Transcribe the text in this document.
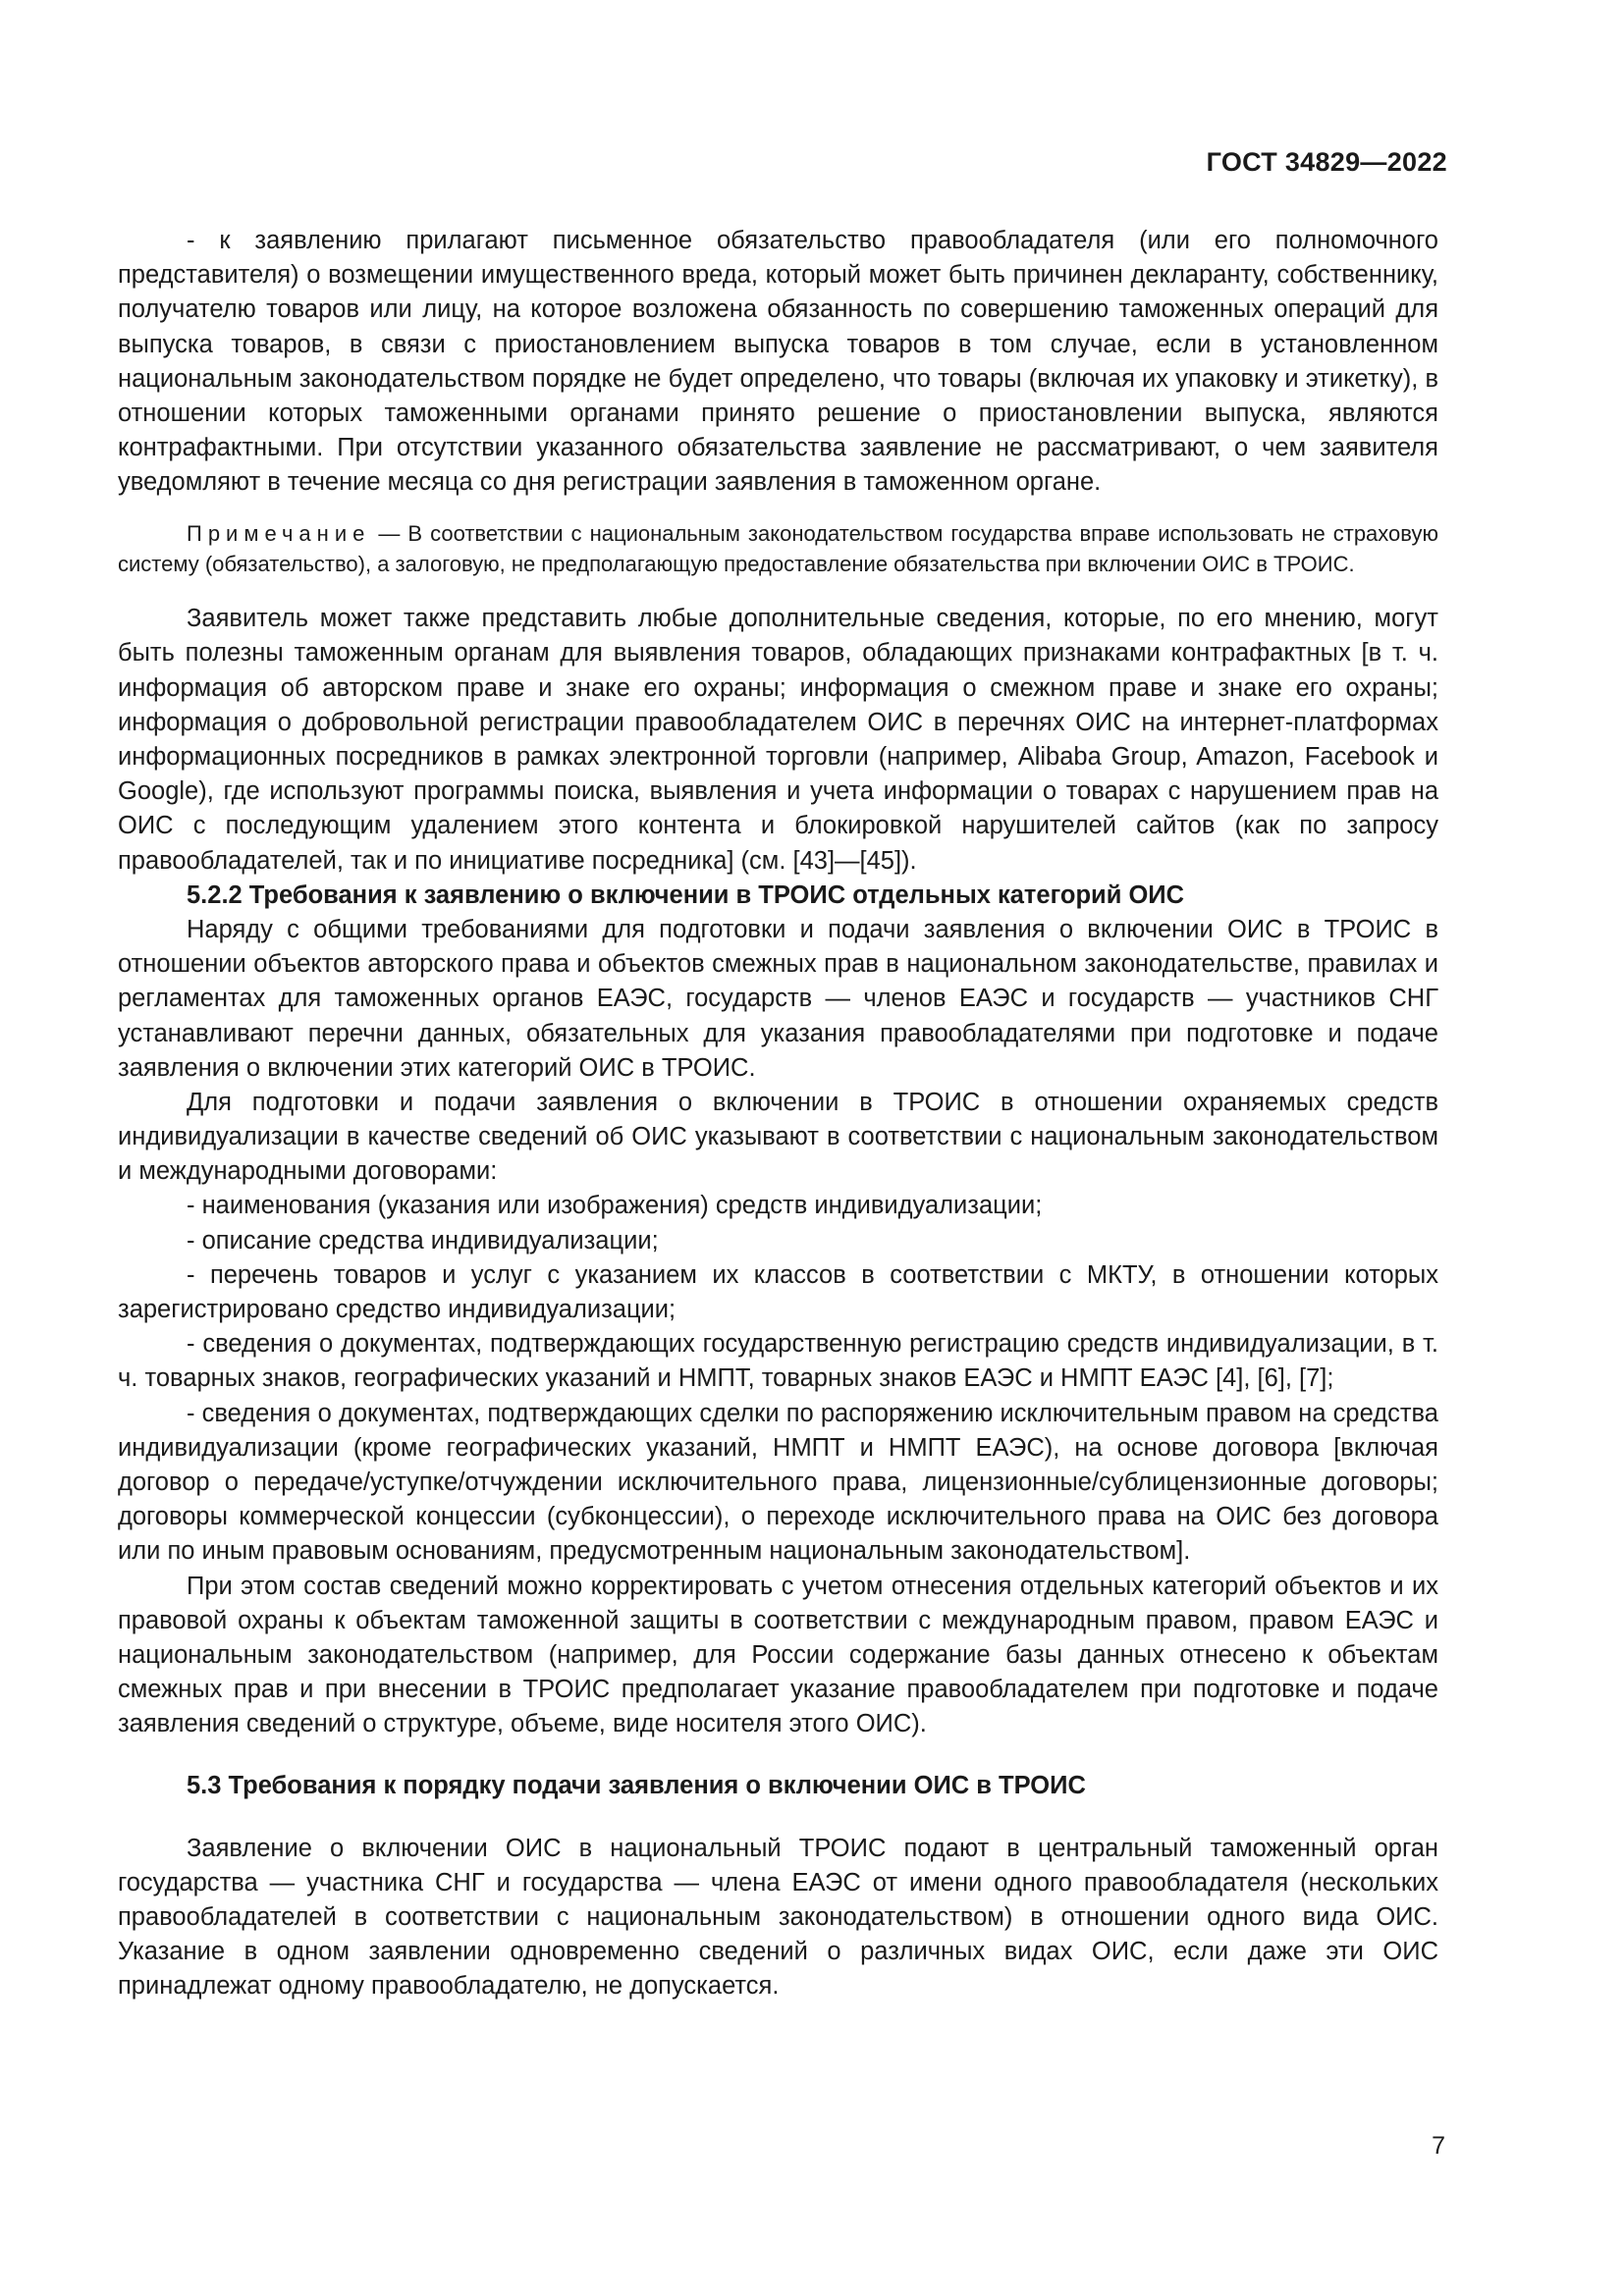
ГОСТ 34829—2022

- к заявлению прилагают письменное обязательство правообладателя (или его полномочного представителя) о возмещении имущественного вреда, который может быть причинен декларанту, собственнику, получателю товаров или лицу, на которое возложена обязанность по совершению таможенных операций для выпуска товаров, в связи с приостановлением выпуска товаров в том случае, если в установленном национальным законодательством порядке не будет определено, что товары (включая их упаковку и этикетку), в отношении которых таможенными органами принято решение о приостановлении выпуска, являются контрафактными. При отсутствии указанного обязательства заявление не рассматривают, о чем заявителя уведомляют в течение месяца со дня регистрации заявления в таможенном органе.

Примечание — В соответствии с национальным законодательством государства вправе использовать не страховую систему (обязательство), а залоговую, не предполагающую предоставление обязательства при включении ОИС в ТРОИС.

Заявитель может также представить любые дополнительные сведения, которые, по его мнению, могут быть полезны таможенным органам для выявления товаров, обладающих признаками контрафактных [в т. ч. информация об авторском праве и знаке его охраны; информация о смежном праве и знаке его охраны; информация о добровольной регистрации правообладателем ОИС в перечнях ОИС на интернет-платформах информационных посредников в рамках электронной торговли (например, Alibaba Group, Amazon, Facebook и Google), где используют программы поиска, выявления и учета информации о товарах с нарушением прав на ОИС с последующим удалением этого контента и блокировкой нарушителей сайтов (как по запросу правообладателей, так и по инициативе посредника] (см. [43]—[45]).

5.2.2 Требования к заявлению о включении в ТРОИС отдельных категорий ОИС

Наряду с общими требованиями для подготовки и подачи заявления о включении ОИС в ТРОИС в отношении объектов авторского права и объектов смежных прав в национальном законодательстве, правилах и регламентах для таможенных органов ЕАЭС, государств — членов ЕАЭС и государств — участников СНГ устанавливают перечни данных, обязательных для указания правообладателями при подготовке и подаче заявления о включении этих категорий ОИС в ТРОИС.

Для подготовки и подачи заявления о включении в ТРОИС в отношении охраняемых средств индивидуализации в качестве сведений об ОИС указывают в соответствии с национальным законодательством и международными договорами:

- наименования (указания или изображения) средств индивидуализации;

- описание средства индивидуализации;

- перечень товаров и услуг с указанием их классов в соответствии с МКТУ, в отношении которых зарегистрировано средство индивидуализации;

- сведения о документах, подтверждающих государственную регистрацию средств индивидуализации, в т. ч. товарных знаков, географических указаний и НМПТ, товарных знаков ЕАЭС и НМПТ ЕАЭС [4], [6], [7];

- сведения о документах, подтверждающих сделки по распоряжению исключительным правом на средства индивидуализации (кроме географических указаний, НМПТ и НМПТ ЕАЭС), на основе договора [включая договор о передаче/уступке/отчуждении исключительного права, лицензионные/сублицензионные договоры; договоры коммерческой концессии (субконцессии), о переходе исключительного права на ОИС без договора или по иным правовым основаниям, предусмотренным национальным законодательством].

При этом состав сведений можно корректировать с учетом отнесения отдельных категорий объектов и их правовой охраны к объектам таможенной защиты в соответствии с международным правом, правом ЕАЭС и национальным законодательством (например, для России содержание базы данных отнесено к объектам смежных прав и при внесении в ТРОИС предполагает указание правообладателем при подготовке и подаче заявления сведений о структуре, объеме, виде носителя этого ОИС).

5.3 Требования к порядку подачи заявления о включении ОИС в ТРОИС

Заявление о включении ОИС в национальный ТРОИС подают в центральный таможенный орган государства — участника СНГ и государства — члена ЕАЭС от имени одного правообладателя (нескольких правообладателей в соответствии с национальным законодательством) в отношении одного вида ОИС. Указание в одном заявлении одновременно сведений о различных видах ОИС, если даже эти ОИС принадлежат одному правообладателю, не допускается.

7
